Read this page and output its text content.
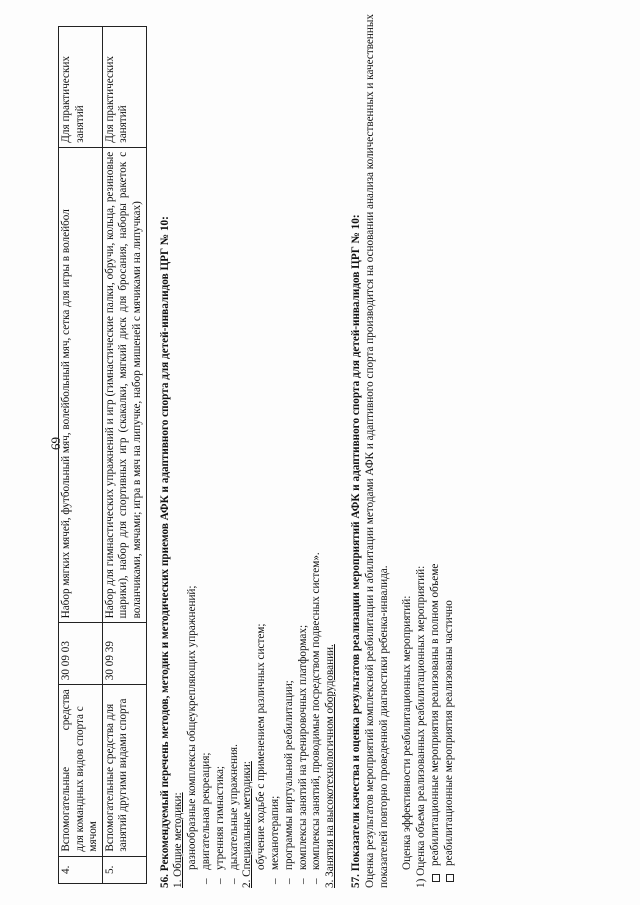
69
4.	Вспомогательные
средства для командных видов спорта с мячом	30 09 03	Набор мягких мячей, футбольный мяч, волейбольный мяч, сетка для игры в волейбол	Для практических занятий
5.	Вспомогательные средства для занятий другими видами спорта	30 09 39	Набор для гимнастических упражнений и игр (гимнастические палки, обручи, кольца, резиновые шарики), набор для спортивных игр (скакалки, мягкий диск для бросания, наборы ракеток с воланчиками, мячами; игра в мяч на липучке, набор мишеней с мячиками на липучках)	Для практических занятий
56. Рекомендуемый перечень методов, методик и методических приемов АФК и адаптивного спорта для детей-инвалидов ЦРГ № 10: 1. Общие методики: разнообразные комплексы общеукрепляющих упражнений; – двигательная рекреация; – утренняя гимнастика; – дыхательные упражнения. 2. Специальные методики: обучение ходьбе с применением различных систем; – механотерапия; – программы виртуальной реабилитации; – комплексы занятий на тренировочных платформах; – комплексы занятий, проводимые посредством подвесных систем». 3. Занятия на высокотехнологичном оборудовании. 57. Показатели качества и оценка результатов реализации мероприятий АФК и адаптивного спорта для детей-инвалидов ЦРГ № 10: Оценка результатов мероприятий комплексной реабилитации и абилитации методами АФК и адаптивного спорта производится на основании анализа количественных и качественных показателей повторно проведенной диагностики ребенка-инвалида. Оценка эффективности реабилитационных мероприятий: 1) Оценка объема реализованных реабилитационных мероприятий: реабилитационные мероприятия реализованы в полном объеме реабилитационные мероприятия реализованы частично
